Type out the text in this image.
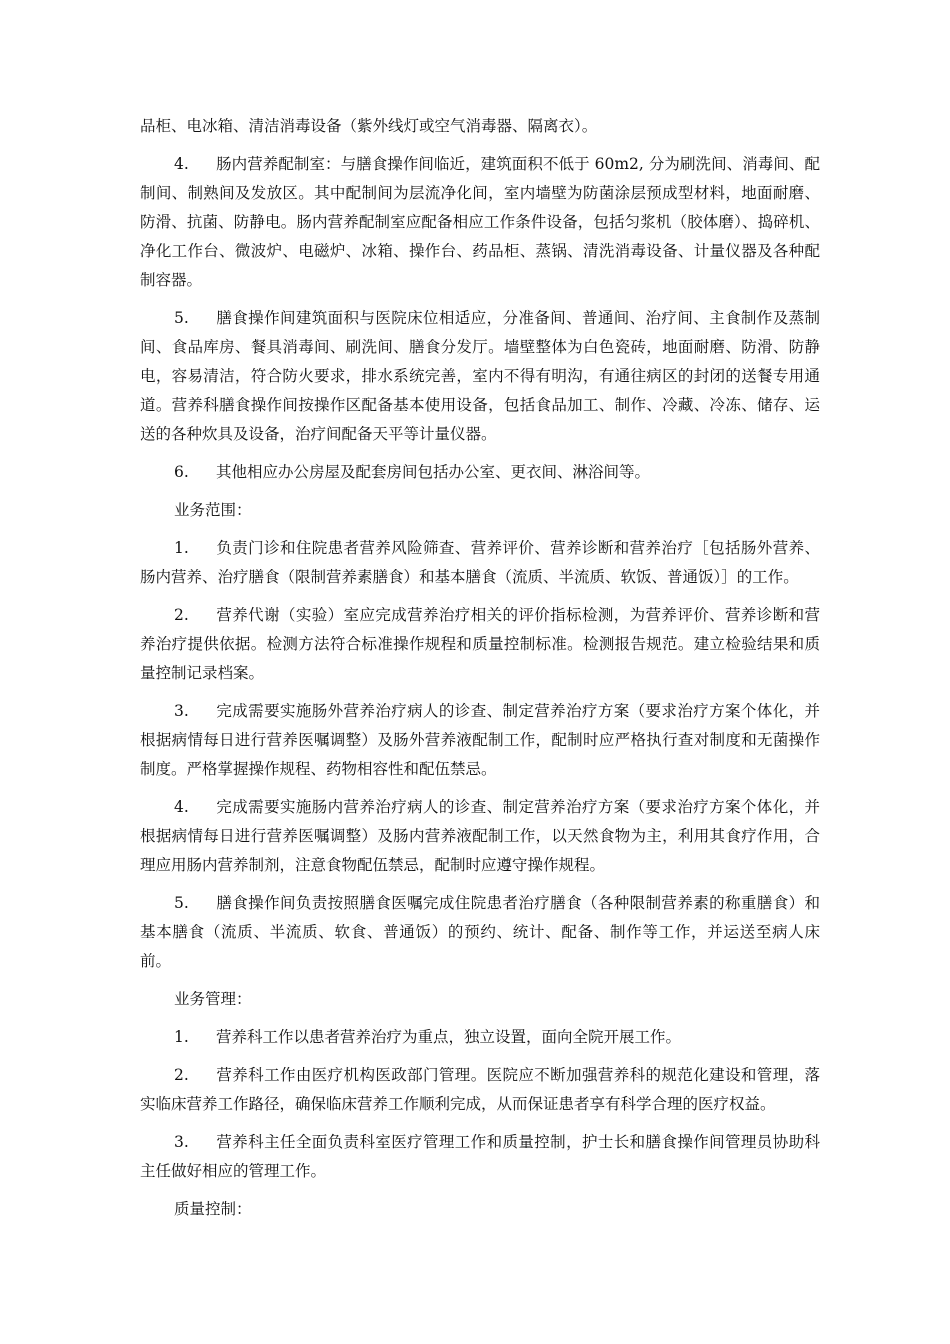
品柜、电冰箱、清洁消毒设备（紫外线灯或空气消毒器、隔离衣）。

4. 肠内营养配制室：与膳食操作间临近，建筑面积不低于 60m2, 分为刷洗间、消毒间、配制间、制熟间及发放区。其中配制间为层流净化间，室内墙壁为防菌涂层预成型材料，地面耐磨、防滑、抗菌、防静电。肠内营养配制室应配备相应工作条件设备，包括匀浆机（胶体磨）、捣碎机、净化工作台、微波炉、电磁炉、冰箱、操作台、药品柜、蒸锅、清洗消毒设备、计量仪器及各种配制容器。

5. 膳食操作间建筑面积与医院床位相适应，分准备间、普通间、治疗间、主食制作及蒸制间、食品库房、餐具消毒间、刷洗间、膳食分发厅。墙壁整体为白色瓷砖，地面耐磨、防滑、防静电，容易清洁，符合防火要求，排水系统完善，室内不得有明沟，有通往病区的封闭的送餐专用通道。营养科膳食操作间按操作区配备基本使用设备，包括食品加工、制作、冷藏、冷冻、储存、运送的各种炊具及设备，治疗间配备天平等计量仪器。

6. 其他相应办公房屋及配套房间包括办公室、更衣间、淋浴间等。

业务范围：

1. 负责门诊和住院患者营养风险筛查、营养评价、营养诊断和营养治疗［包括肠外营养、肠内营养、治疗膳食（限制营养素膳食）和基本膳食（流质、半流质、软饭、普通饭）］的工作。

2. 营养代谢（实验）室应完成营养治疗相关的评价指标检测，为营养评价、营养诊断和营养治疗提供依据。检测方法符合标准操作规程和质量控制标准。检测报告规范。建立检验结果和质量控制记录档案。

3. 完成需要实施肠外营养治疗病人的诊查、制定营养治疗方案（要求治疗方案个体化，并根据病情每日进行营养医嘱调整）及肠外营养液配制工作，配制时应严格执行查对制度和无菌操作制度。严格掌握操作规程、药物相容性和配伍禁忌。

4. 完成需要实施肠内营养治疗病人的诊查、制定营养治疗方案（要求治疗方案个体化，并根据病情每日进行营养医嘱调整）及肠内营养液配制工作，以天然食物为主，利用其食疗作用，合理应用肠内营养制剂，注意食物配伍禁忌，配制时应遵守操作规程。

5. 膳食操作间负责按照膳食医嘱完成住院患者治疗膳食（各种限制营养素的称重膳食）和基本膳食（流质、半流质、软食、普通饭）的预约、统计、配备、制作等工作，并运送至病人床前。

业务管理：

1. 营养科工作以患者营养治疗为重点，独立设置，面向全院开展工作。

2. 营养科工作由医疗机构医政部门管理。医院应不断加强营养科的规范化建设和管理，落实临床营养工作路径，确保临床营养工作顺利完成，从而保证患者享有科学合理的医疗权益。

3. 营养科主任全面负责科室医疗管理工作和质量控制，护士长和膳食操作间管理员协助科主任做好相应的管理工作。

质量控制：
